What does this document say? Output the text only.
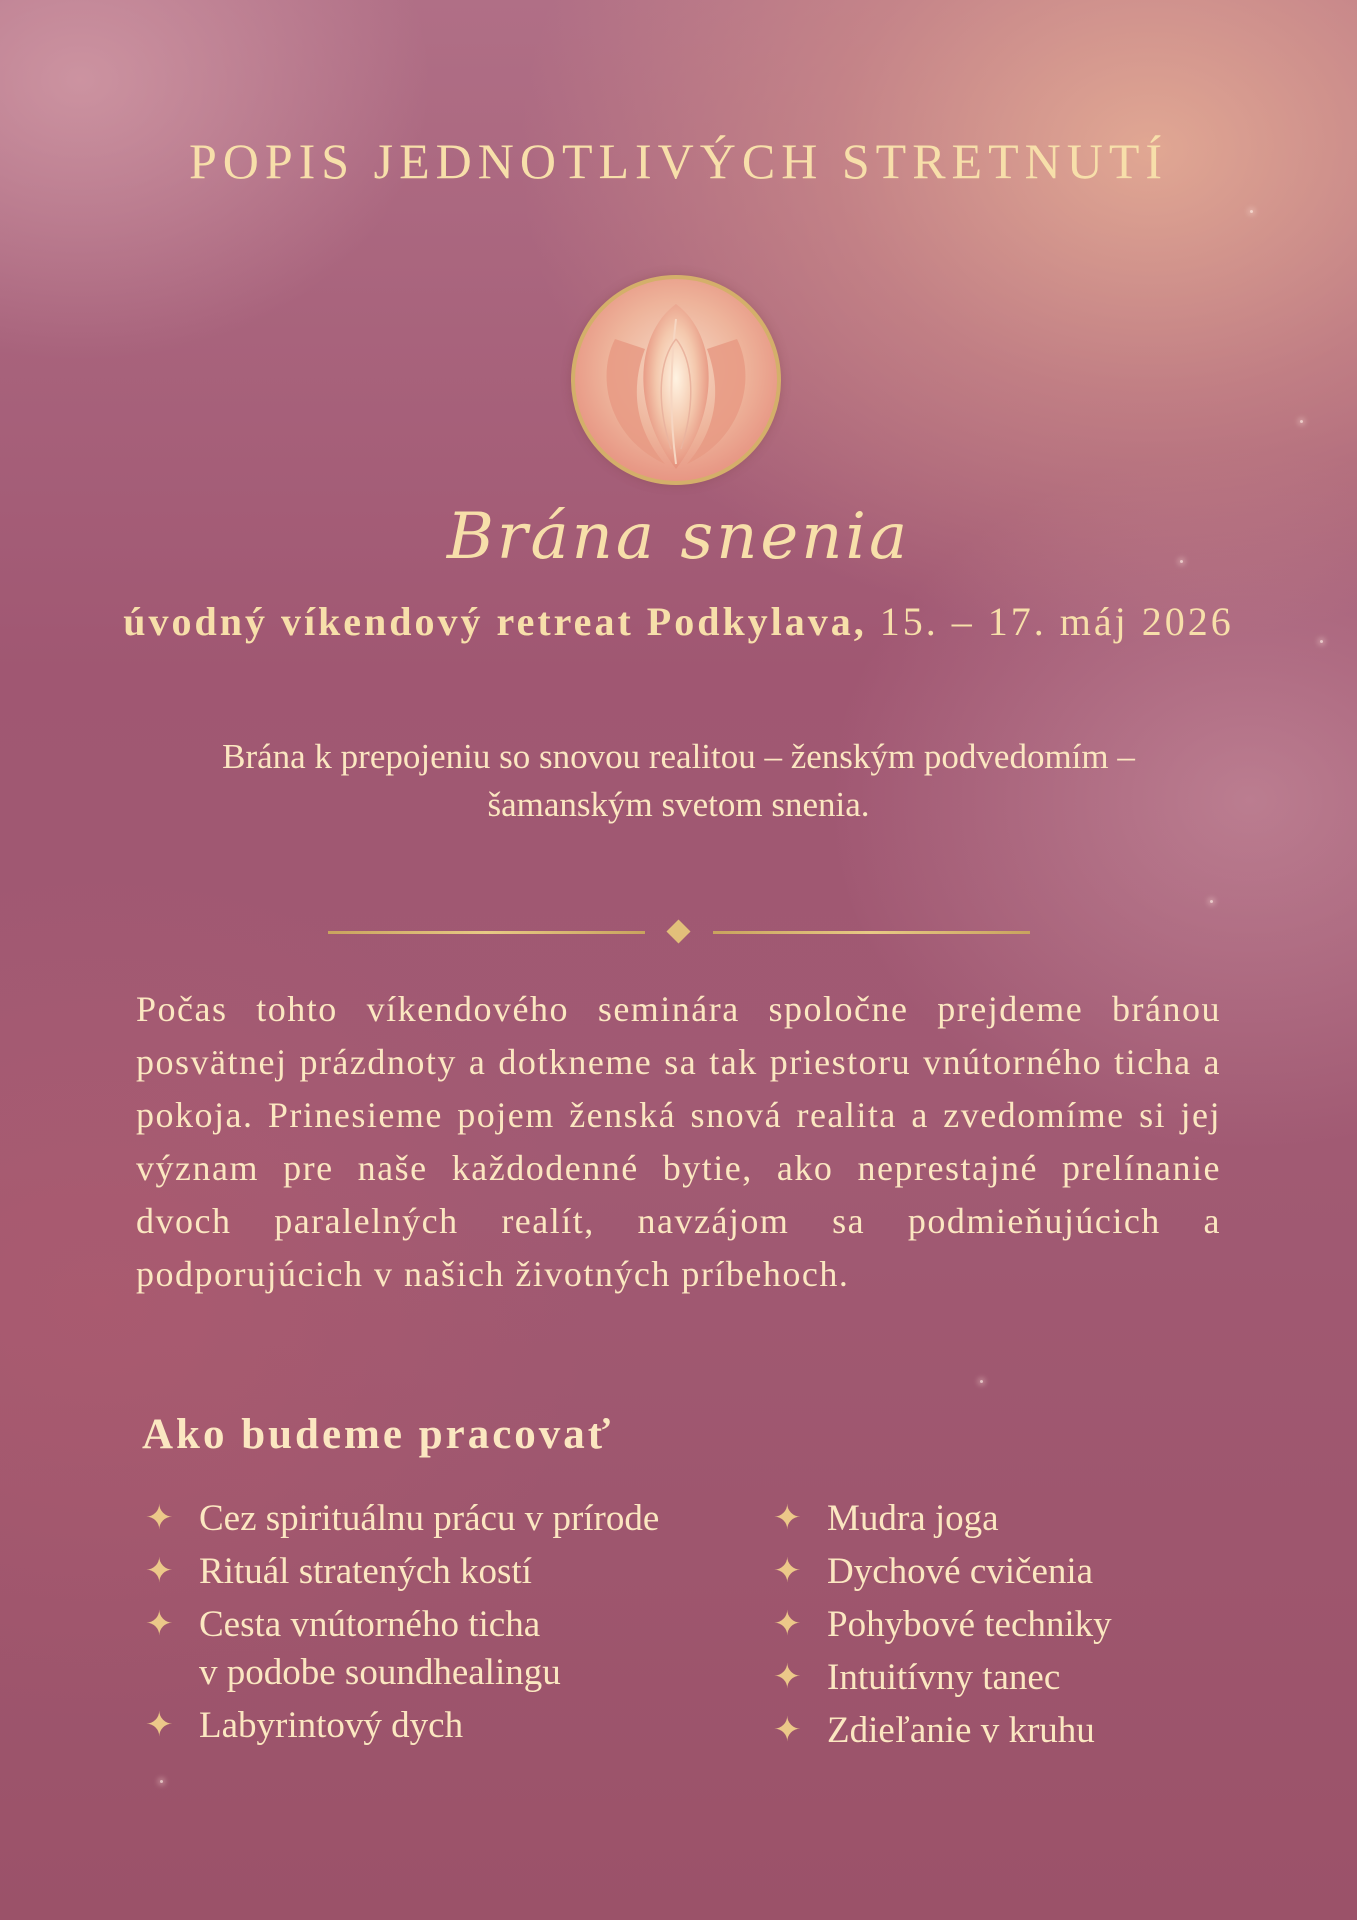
POPIS JEDNOTLIVÝCH STRETNUTÍ
Brána snenia

úvodný víkendový retreat Podkylava, 15. – 17. máj 2026

Brána k prepojeniu so snovou realitou – ženským podvedomím –
šamanským svetom snenia.

Počas tohto víkendového seminára spoločne prejdeme bránou posvätnej prázdnoty a dotkneme sa tak priestoru vnútorného ticha a pokoja. Prinesieme pojem ženská snová realita a zvedomíme si jej význam pre naše každodenné bytie, ako neprestajné prelínanie dvoch paralelných realít, navzájom sa podmieňujúcich a podporujúcich v našich životných príbehoch.

Ako budeme pracovať
✦ Cez spirituálnu prácu v prírode
✦ Rituál stratených kostí
✦ Cesta vnútorného ticha
v podobe soundhealingu
✦ Labyrintový dych
✦ Mudra joga
✦ Dychové cvičenia
✦ Pohybové techniky
✦ Intuitívny tanec
✦ Zdieľanie v kruhu
